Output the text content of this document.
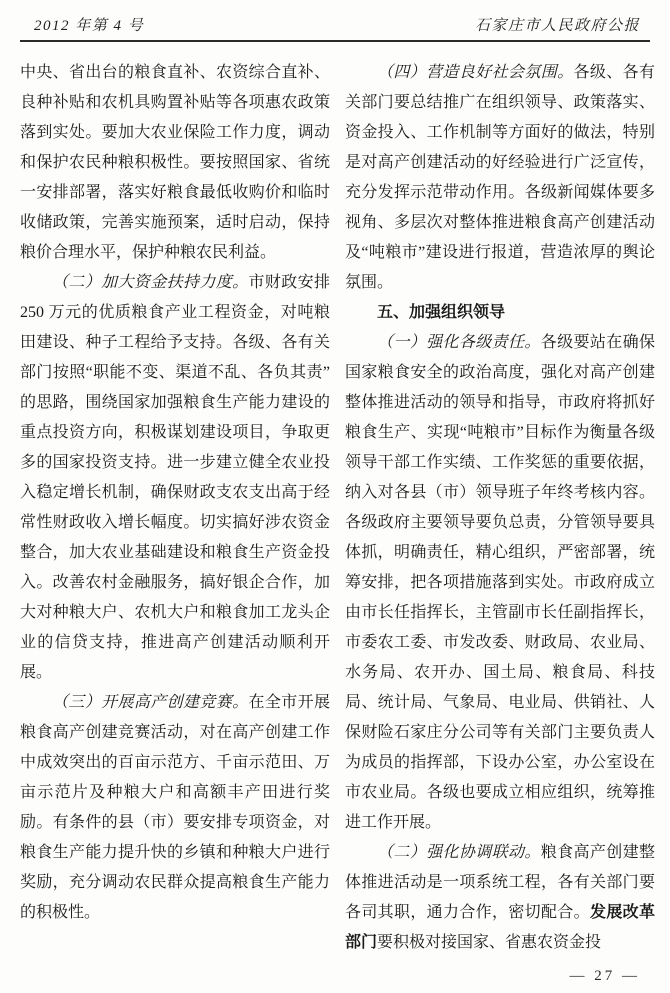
2012 年第 4 号	石家庄市人民政府公报

中央、省出台的粮食直补、农资综合直补、良种补贴和农机具购置补贴等各项惠农政策落到实处。要加大农业保险工作力度，调动和保护农民种粮积极性。要按照国家、省统一安排部署，落实好粮食最低收购价和临时收储政策，完善实施预案，适时启动，保持粮价合理水平，保护种粮农民利益。

（二）加大资金扶持力度。市财政安排 250 万元的优质粮食产业工程资金，对吨粮田建设、种子工程给予支持。各级、各有关部门按照“职能不变、渠道不乱、各负其责”的思路，围绕国家加强粮食生产能力建设的重点投资方向，积极谋划建设项目，争取更多的国家投资支持。进一步建立健全农业投入稳定增长机制，确保财政支农支出高于经常性财政收入增长幅度。切实搞好涉农资金整合，加大农业基础建设和粮食生产资金投入。改善农村金融服务，搞好银企合作，加大对种粮大户、农机大户和粮食加工龙头企业的信贷支持，推进高产创建活动顺利开展。

（三）开展高产创建竞赛。在全市开展粮食高产创建竞赛活动，对在高产创建工作中成效突出的百亩示范方、千亩示范田、万亩示范片及种粮大户和高额丰产田进行奖励。有条件的县（市）要安排专项资金，对粮食生产能力提升快的乡镇和种粮大户进行奖励，充分调动农民群众提高粮食生产能力的积极性。

（四）营造良好社会氛围。各级、各有关部门要总结推广在组织领导、政策落实、资金投入、工作机制等方面好的做法，特别是对高产创建活动的好经验进行广泛宣传，充分发挥示范带动作用。各级新闻媒体要多视角、多层次对整体推进粮食高产创建活动及“吨粮市”建设进行报道，营造浓厚的舆论氛围。

五、加强组织领导

（一）强化各级责任。各级要站在确保国家粮食安全的政治高度，强化对高产创建整体推进活动的领导和指导，市政府将抓好粮食生产、实现“吨粮市”目标作为衡量各级领导干部工作实绩、工作奖惩的重要依据，纳入对各县（市）领导班子年终考核内容。各级政府主要领导要负总责，分管领导要具体抓，明确责任，精心组织，严密部署，统筹安排，把各项措施落到实处。市政府成立由市长任指挥长，主管副市长任副指挥长，市委农工委、市发改委、财政局、农业局、水务局、农开办、国土局、粮食局、科技局、统计局、气象局、电业局、供销社、人保财险石家庄分公司等有关部门主要负责人为成员的指挥部，下设办公室，办公室设在市农业局。各级也要成立相应组织，统筹推进工作开展。

（二）强化协调联动。粮食高产创建整体推进活动是一项系统工程，各有关部门要各司其职，通力合作，密切配合。发展改革部门要积极对接国家、省惠农资金投

— 27 —
